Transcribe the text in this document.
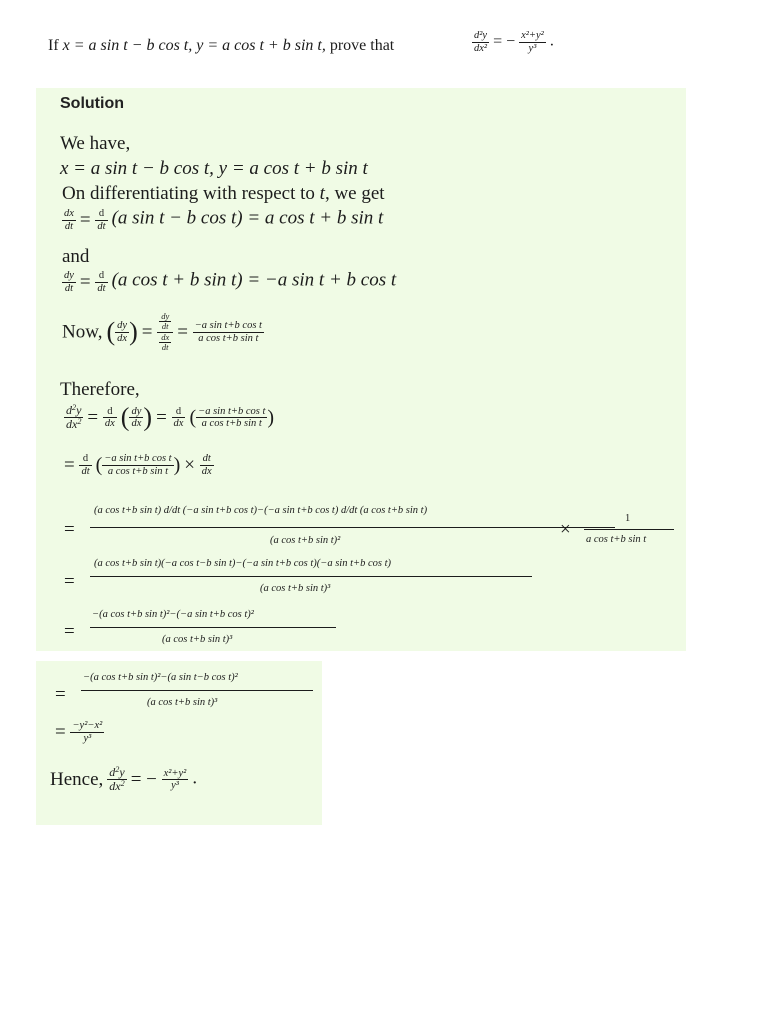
If x = a sin t − b cos t, y = a cos t + b sin t, prove that	$\frac{\text{d²y}}{\text{dx²}}$ = − $\frac{\text{x²+y²}}{\text{y³}}$ .
Solution
We have,
x = a sin t − b cos t, y = a cos t + b sin t
On differentiating with respect to t, we get
$\frac{dx}{dt} = \frac{d}{dt} (a$ sin t − b cos t) = a cos t + b sin t
and
$\frac{dy}{dt} = \frac{d}{dt} (a$ cos t + b sin t) = −a sin t + b cos t
Now, ( $\frac{dy}{dx}$ ) = $\frac{\frac{dy}{dt}}{\frac{dx}{dt}} = \frac{\text{−a sin t+b cos t}}{\text{a cos t+b sin t}}$
Therefore,
$\frac{d^2y}{dx^2} = \frac{d}{dx}$ ( $\frac{dy}{dx}$ ) = $\frac{d}{dx}$ ( $\frac{\text{−a sin t+b cos t}}{\text{a cos t+b sin t}}$ )
= $\frac{d}{dt}$ ( $\frac{\text{−a sin t+b cos t}}{\text{a cos t+b sin t}}$ ) × $\frac{dt}{dx}$
=
(a cos t+b sin t) d/dt (−a sin t+b cos t)−(−a sin t+b cos t) d/dt (a cos t+b sin t)
(a cos t+b sin t)²
×
1
a cos t+b sin t
=
(a cos t+b sin t)(−a cos t−b sin t)−(−a sin t+b cos t)(−a sin t+b cos t)
(a cos t+b sin t)³
=
−(a cos t+b sin t)²−(−a sin t+b cos t)²
(a cos t+b sin t)³
=
−(a cos t+b sin t)²−(a sin t−b cos t)²
(a cos t+b sin t)³
= $\frac{\text{−y²−x²}}{\text{y³}}$
Hence, $\frac{d^2y}{dx^2}$ = − $\frac{\text{x²+y²}}{\text{y³}}$ .
